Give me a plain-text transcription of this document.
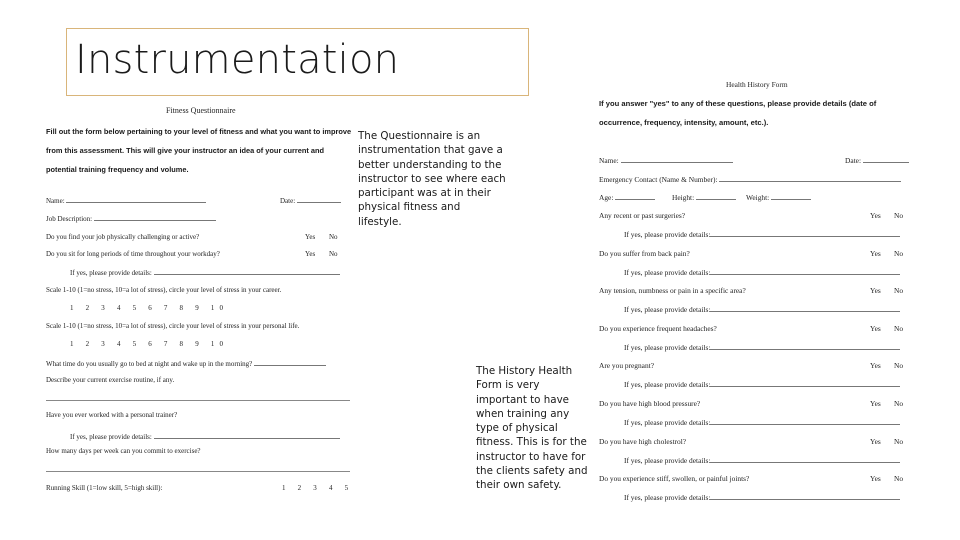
Instrumentation
Fitness Questionnaire
Fill out the form below pertaining to your level of fitness and what you want to improve from this assessment. This will give your instructor an idea of your current and potential training frequency and volume.
Name:	Date:
Job Description:
Do you find your job physically challenging or active?	Yes No
Do you sit for long periods of time throughout your workday?	Yes No
If yes, please provide details:
Scale 1-10 (1=no stress, 10=a lot of stress), circle your level of stress in your career.
1 2 3 4 5 6 7 8 9 10
Scale 1-10 (1=no stress, 10=a lot of stress), circle your level of stress in your personal life.
1 2 3 4 5 6 7 8 9 10
What time do you usually go to bed at night and wake up in the morning?
Describe your current exercise routine, if any.
Have you ever worked with a personal trainer?
If yes, please provide details:
How many days per week can you commit to exercise?
Running Skill (1=low skill, 5=high skill):	1 2 3 4 5
The Questionnaire is an instrumentation that gave a better understanding to the instructor to see where each participant was at in their physical fitness and lifestyle.
The History Health Form is very important to have when training any type of physical fitness. This is for the instructor to have for the clients safety and their own safety.
Health History Form
If you answer "yes" to any of these questions, please provide details (date of occurrence, frequency, intensity, amount, etc.).
Name:	Date:
Emergency Contact (Name & Number):
Age:	Height:	Weight:
Any recent or past surgeries?	Yes No
If yes, please provide details:
Do you suffer from back pain?	Yes No
If yes, please provide details:
Any tension, numbness or pain in a specific area?	Yes No
If yes, please provide details:
Do you experience frequent headaches?	Yes No
If yes, please provide details:
Are you pregnant?	Yes No
If yes, please provide details:
Do you have high blood pressure?	Yes No
If yes, please provide details:
Do you have high cholestrol?	Yes No
If yes, please provide details:
Do you experience stiff, swollen, or painful joints?	Yes No
If yes, please provide details:
